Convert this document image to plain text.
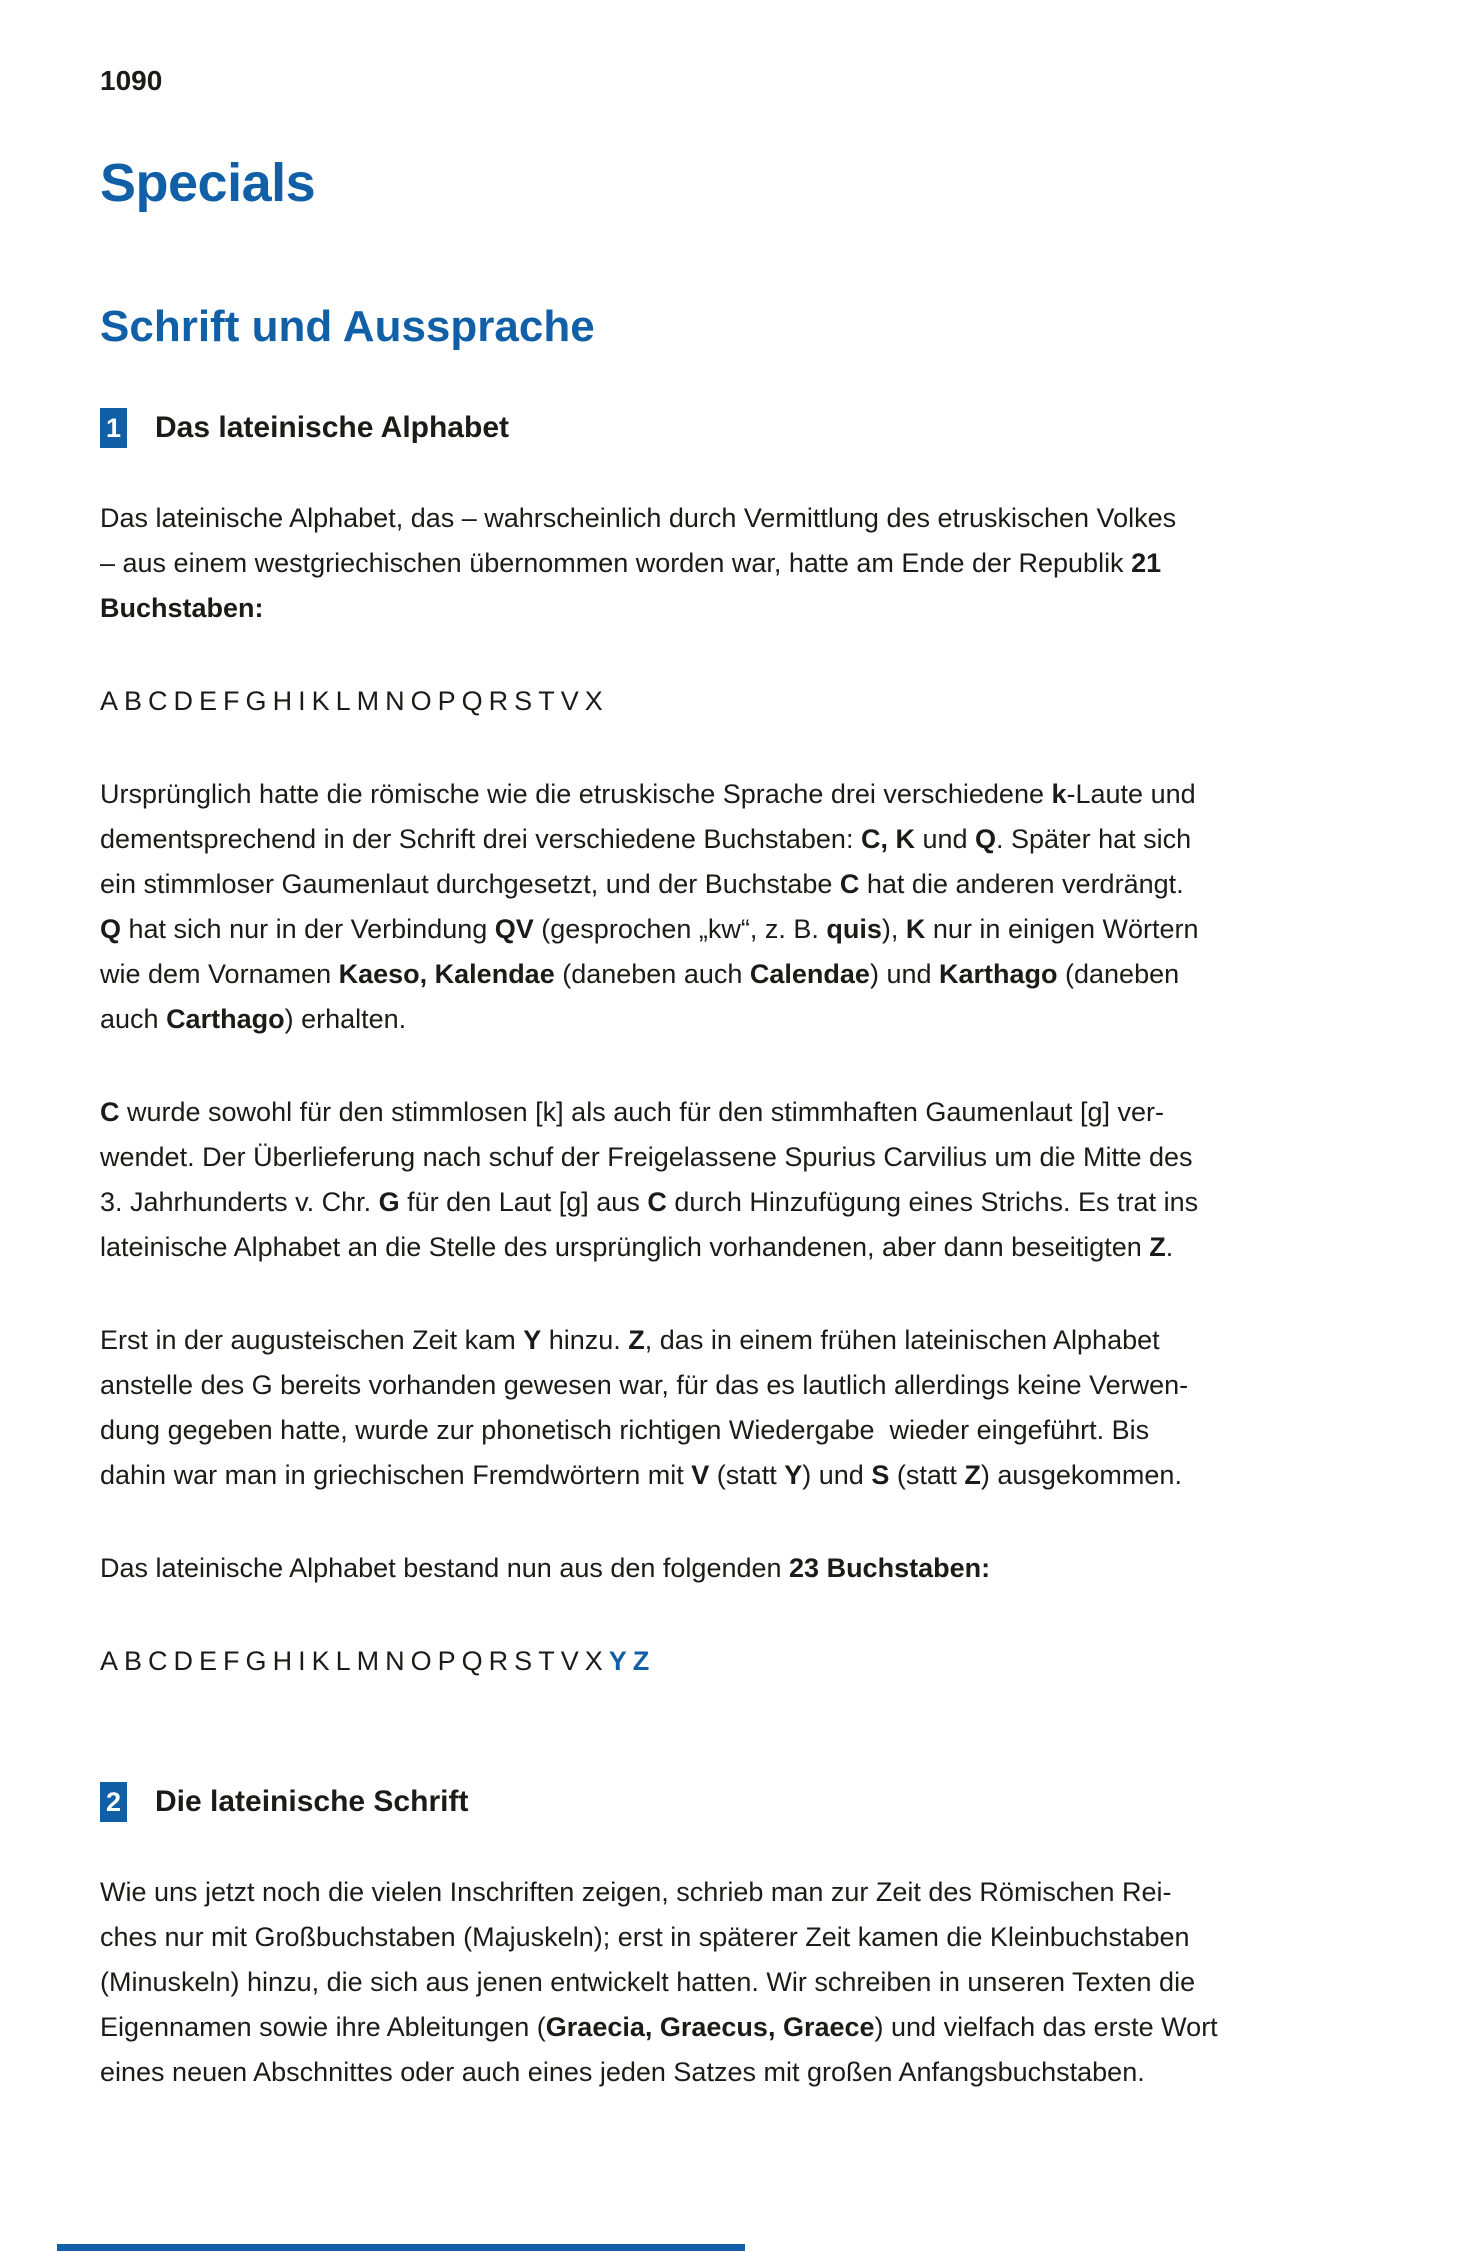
1090
Specials
Schrift und Aussprache
1 Das lateinische Alphabet
Das lateinische Alphabet, das – wahrscheinlich durch Vermittlung des etruskischen Volkes
– aus einem westgriechischen übernommen worden war, hatte am Ende der Republik 21
Buchstaben:
A B C D E F G H I K L M N O P Q R S T V X
Ursprünglich hatte die römische wie die etruskische Sprache drei verschiedene k-Laute und
dementsprechend in der Schrift drei verschiedene Buchstaben: C, K und Q. Später hat sich
ein stimmloser Gaumenlaut durchgesetzt, und der Buchstabe C hat die anderen verdrängt.
Q hat sich nur in der Verbindung QV (gesprochen „kw“, z. B. quis), K nur in einigen Wörtern
wie dem Vornamen Kaeso, Kalendae (daneben auch Calendae) und Karthago (daneben
auch Carthago) erhalten.
C wurde sowohl für den stimmlosen [k] als auch für den stimmhaften Gaumenlaut [g] ver-
wendet. Der Überlieferung nach schuf der Freigelassene Spurius Carvilius um die Mitte des
3. Jahrhunderts v. Chr. G für den Laut [g] aus C durch Hinzufügung eines Strichs. Es trat ins
lateinische Alphabet an die Stelle des ursprünglich vorhandenen, aber dann beseitigten Z.
Erst in der augusteischen Zeit kam Y hinzu. Z, das in einem frühen lateinischen Alphabet
anstelle des G bereits vorhanden gewesen war, für das es lautlich allerdings keine Verwen-
dung gegeben hatte, wurde zur phonetisch richtigen Wiedergabe  wieder eingeführt. Bis
dahin war man in griechischen Fremdwörtern mit V (statt Y) und S (statt Z) ausgekommen.
Das lateinische Alphabet bestand nun aus den folgenden 23 Buchstaben:
A B C D E F G H I K L M N O P Q R S T V X Y Z
2 Die lateinische Schrift
Wie uns jetzt noch die vielen Inschriften zeigen, schrieb man zur Zeit des Römischen Rei-
ches nur mit Großbuchstaben (Majuskeln); erst in späterer Zeit kamen die Kleinbuchstaben
(Minuskeln) hinzu, die sich aus jenen entwickelt hatten. Wir schreiben in unseren Texten die
Eigennamen sowie ihre Ableitungen (Graecia, Graecus, Graece) und vielfach das erste Wort
eines neuen Abschnittes oder auch eines jeden Satzes mit großen Anfangsbuchstaben.
